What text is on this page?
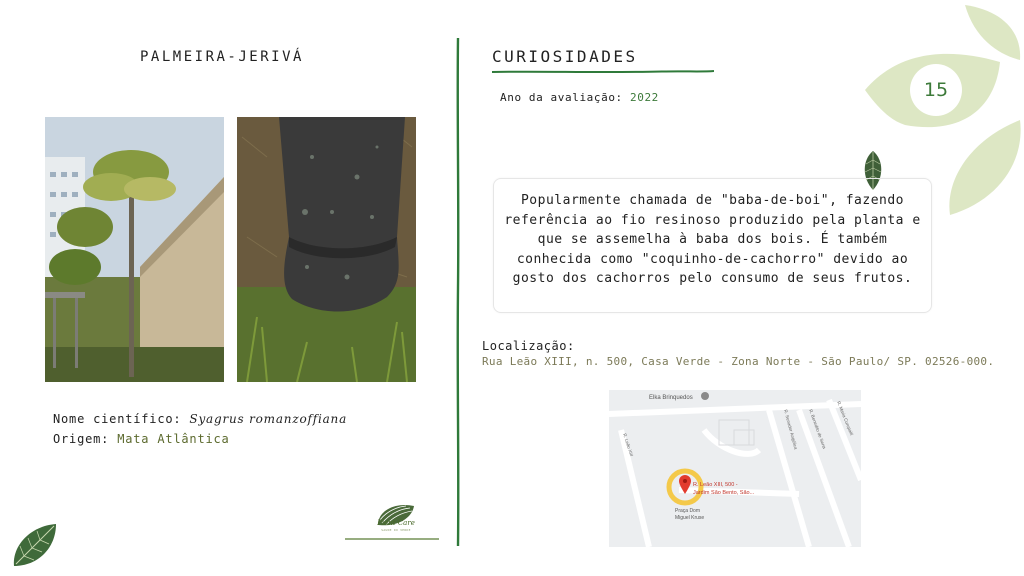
PALMEIRA-JERIVÁ
Nome científico: Syagrus romanzoffiana
Origem: Mata Atlântica
CURIOSIDADES
Ano da avaliação: 2022	15
Popularmente chamada de "baba-de-boi", fazendo referência ao fio resinoso produzido pela planta e que se assemelha à baba dos bois. É também conhecida como "coquinho-de-cachorro" devido ao gosto dos cachorros pelo consumo de seus frutos.
Localização:
Rua Leão XIII, n. 500, Casa Verde - Zona Norte - São Paulo/ SP. 02526-000.
Elka Brinquedos
R. Leão XIII	R. Senador Angélica R. Benedito de Sena R. Maria Curupaiti
R. Leão XIII, 500 -
Jardim São Bento, São...
Praça Dom
Miguel Kruse
Plant Care
SAUDE DO VERDE
